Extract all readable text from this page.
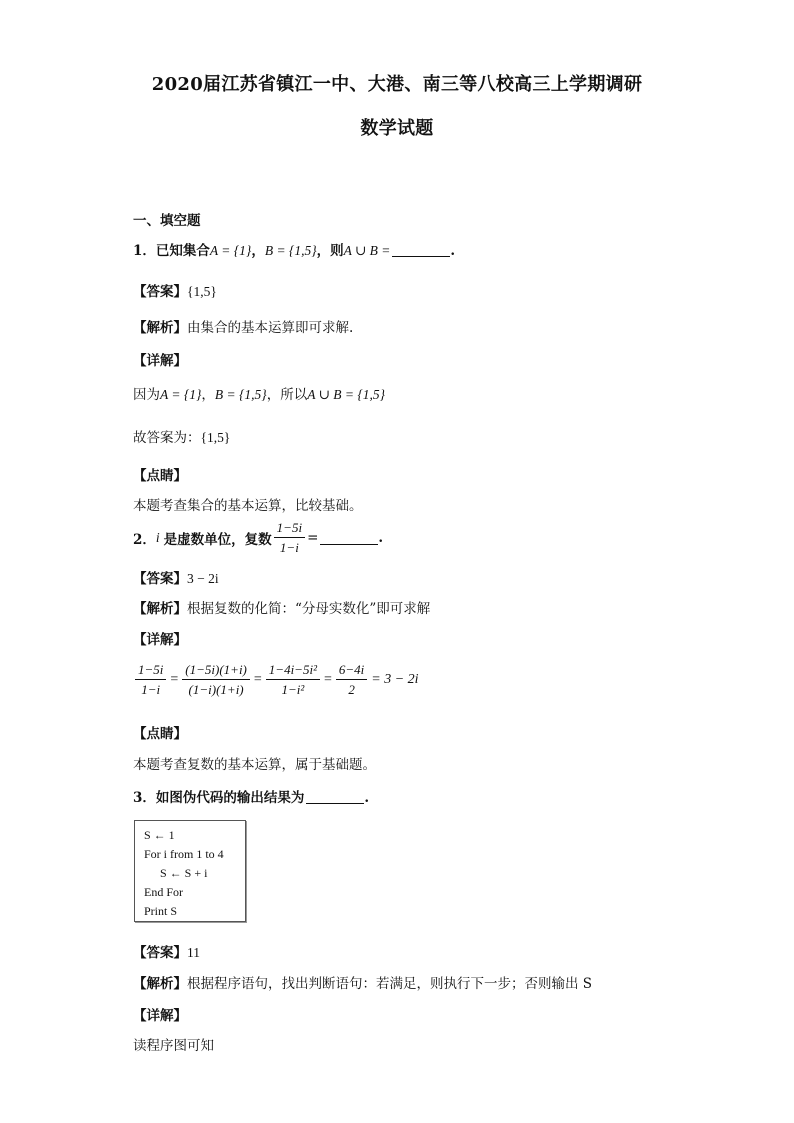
2020届江苏省镇江一中、大港、南三等八校高三上学期调研
数学试题
一、填空题
1．已知集合A = {1}，B = {1,5}，则A ∪ B =	.
【答案】{1,5}
【解析】由集合的基本运算即可求解.
【详解】
因为A = {1}，B = {1,5}，所以A ∪ B = {1,5}
故答案为：{1,5}
【点睛】
本题考查集合的基本运算，比较基础。
2． i 是虚数单位，复数 $\frac{1-5i}{1-i}$ =	.
【答案】3 − 2i
【解析】根据复数的化简：“分母实数化”即可求解
【详解】
$\frac{1-5i}{1-i} = \frac{(1-5i)(1+i)}{(1-i)(1+i)} = \frac{\text{1−4i−5i²}}{\text{1−i²}} = \frac{6-4i}{2} = 3 - 2i$
【点睛】
本题考查复数的基本运算，属于基础题。
3．如图伪代码的输出结果为	.
S ← 1
For i from 1 to 4
S ← S + i
End For
Print S
【答案】11
【解析】根据程序语句，找出判断语句：若满足，则执行下一步；否则输出 S
【详解】
读程序图可知
